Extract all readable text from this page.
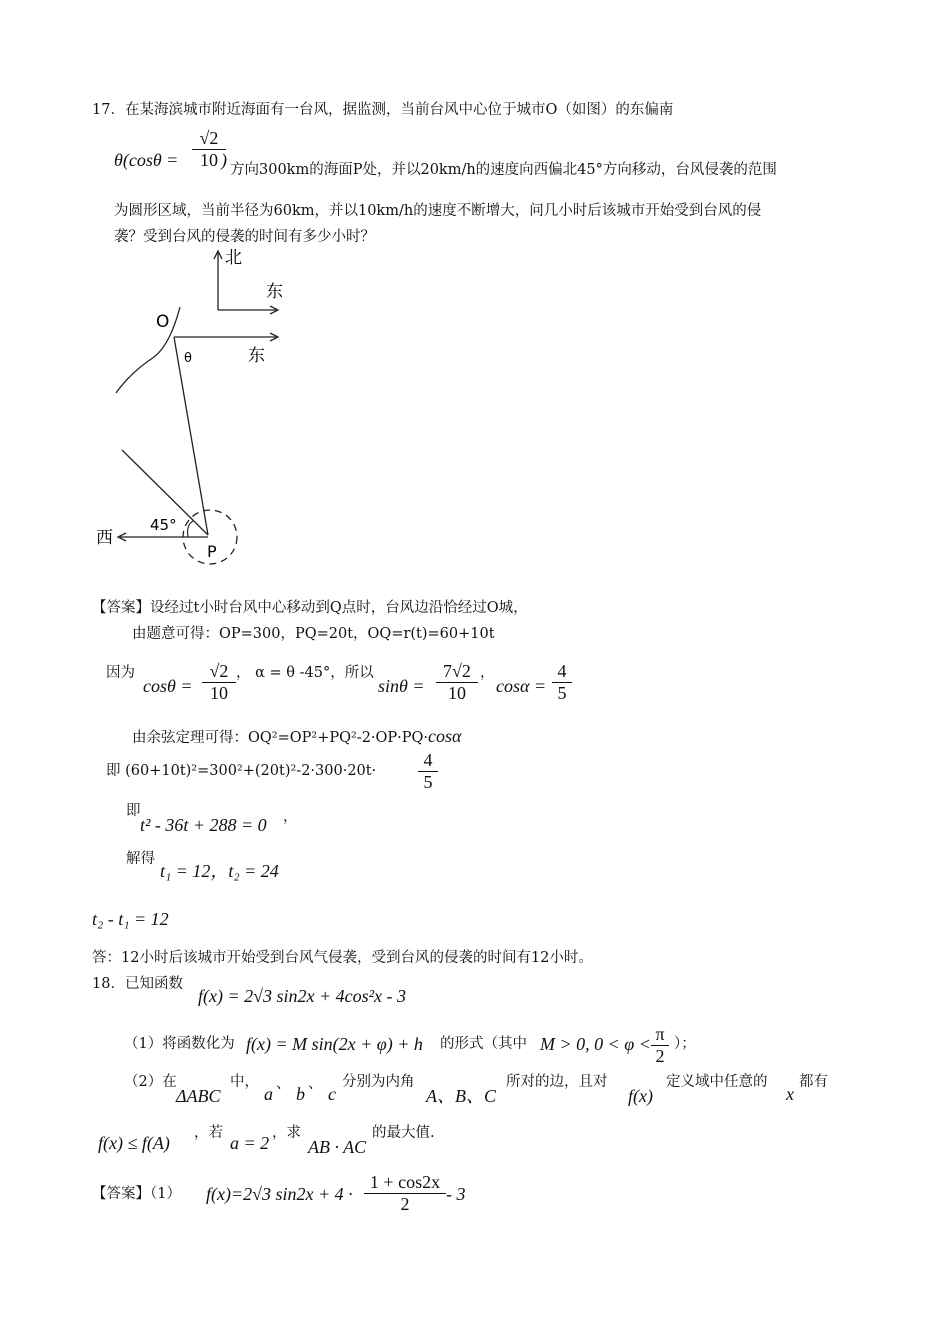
17．在某海滨城市附近海面有一台风，据监测，当前台风中心位于城市O（如图）的东偏南
$\theta(\cos\theta = \frac{√2}{10}$
) 方向300km的海面P处，并以20km/h的速度向西偏北45°方向移动，台风侵袭的范围
为圆形区域，当前半径为60km，并以10km/h的速度不断增大，问几小时后该城市开始受到台风的侵
袭？受到台风的侵袭的时间有多少小时？
北
东
O
东
θ
西
45°
P
【答案】设经过t小时台风中心移动到Q点时，台风边沿恰经过O城，
由题意可得：OP=300，PQ=20t，OQ=r(t)=60+10t
因为
$\cos\theta = \frac{√2}{10}$ ， α = θ -45°，所以
$\sin\theta = \frac{7√2}{10}$ ，
$\cos\alpha = \frac{4}{5}$
由余弦定理可得：OQ²=OP²+PQ²-2·OP·PQ·cosα
即 $(60+10t)^2=300^2+(20t)^2-2\cdot 300\cdot 20t\cdot \frac{4}{5}$
即
t² - 36t + 288 = 0 ，
解得
t₁ = 12，t₂ = 24
t₂ - t₁ = 12
答：12小时后该城市开始受到台风气侵袭，受到台风的侵袭的时间有12小时。
18．已知函数
f(x) = 2√3 sin2x + 4cos²x - 3
（1）将函数化为 f(x) = M sin(2x + φ) + h 的形式（其中 M > 0, $0 < \varphi < \frac{\pi}{2}$ ）；
（2）在
ΔABC
中，
a 、 b 、 c
分别为内角
A、B、C
所对的边，且对
f(x)
定义域中任意的
x
都有
f(x) ≤ f(A) ，若 a = 2 ，求
AB · AC
的最大值.
【答案】（1） f(x)=2√3 $\sin 2x + 4 \cdot \frac{1 + \cos 2x}{2} - 3$
